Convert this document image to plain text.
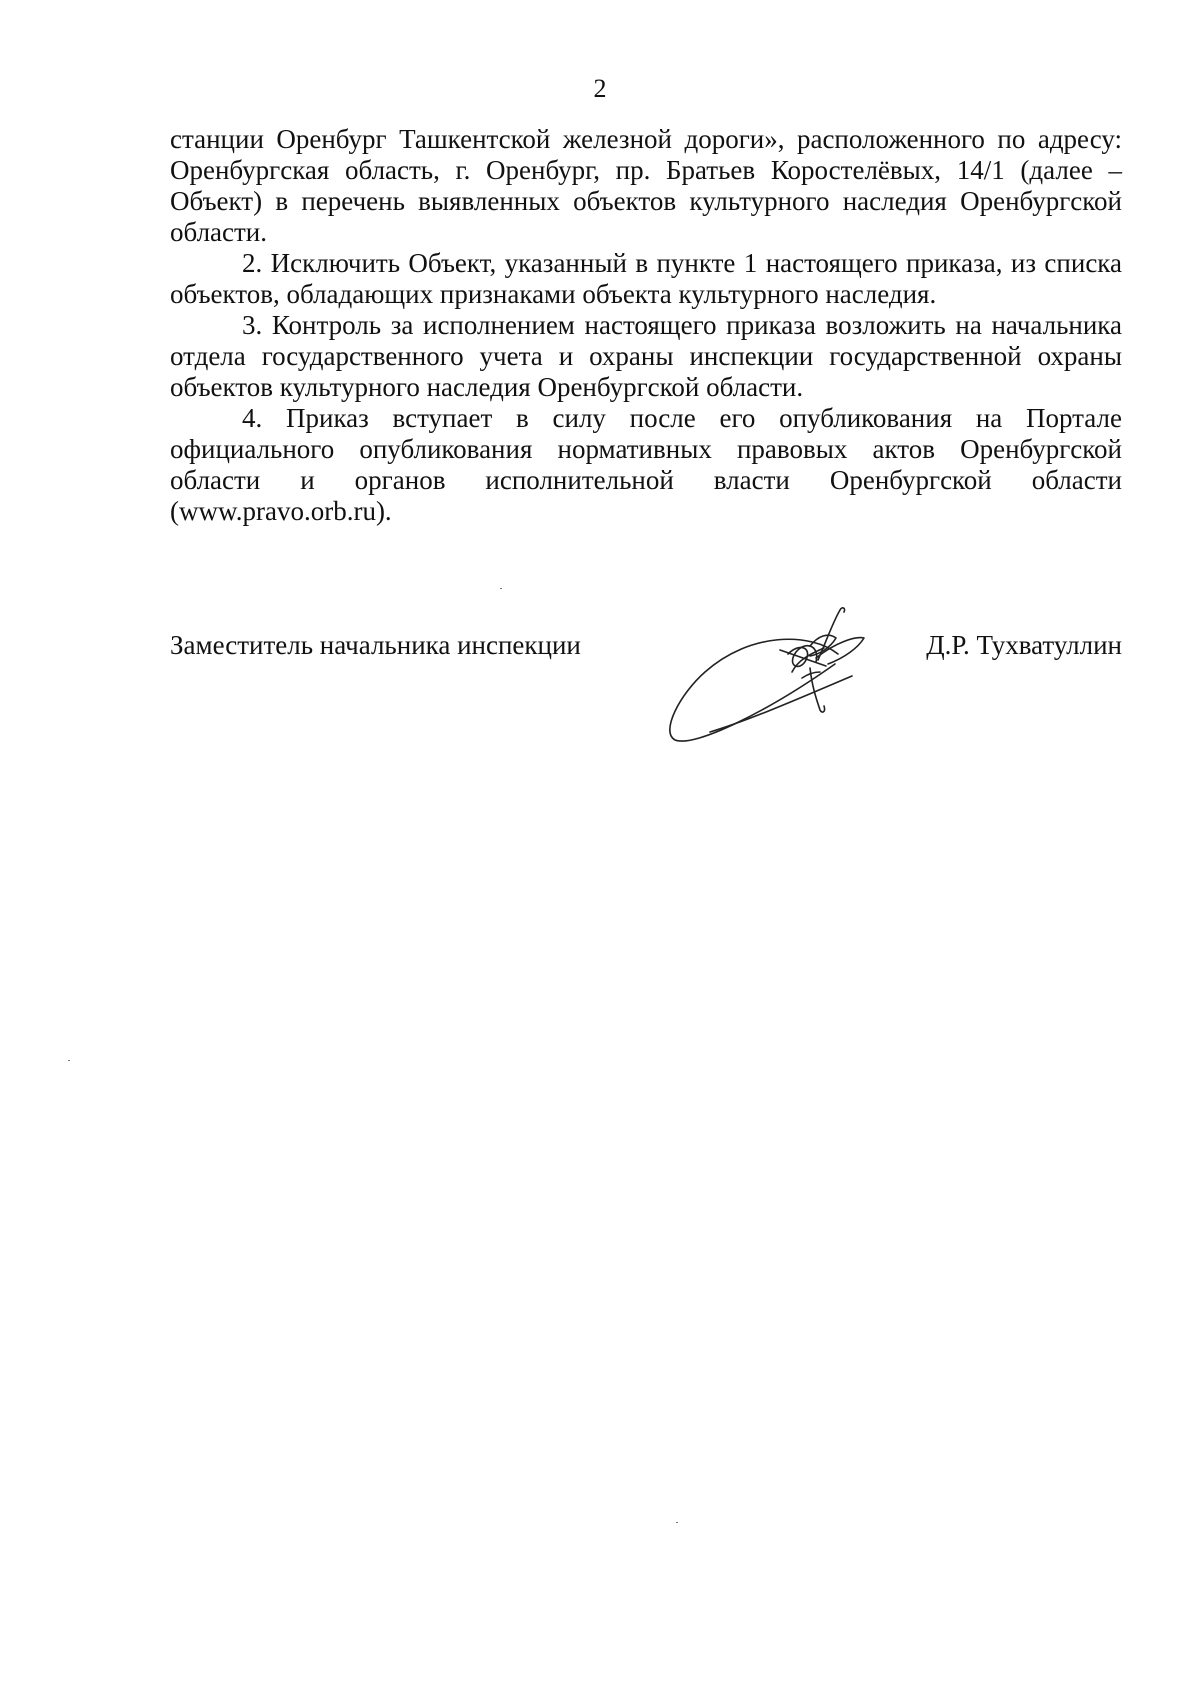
2

станции Оренбург Ташкентской железной дороги», расположенного по адресу: Оренбургская область, г. Оренбург, пр. Братьев Коростелёвых, 14/1 (далее – Объект) в перечень выявленных объектов культурного наследия Оренбургской области.

2. Исключить Объект, указанный в пункте 1 настоящего приказа, из списка объектов, обладающих признаками объекта культурного наследия.

3. Контроль за исполнением настоящего приказа возложить на начальника отдела государственного учета и охраны инспекции государственной охраны объектов культурного наследия Оренбургской области.

4. Приказ вступает в силу после его опубликования на Портале официального опубликования нормативных правовых актов Оренбургской области и органов исполнительной власти Оренбургской области (www.pravo.orb.ru).

Заместитель начальника инспекции	Д.Р. Тухватуллин
